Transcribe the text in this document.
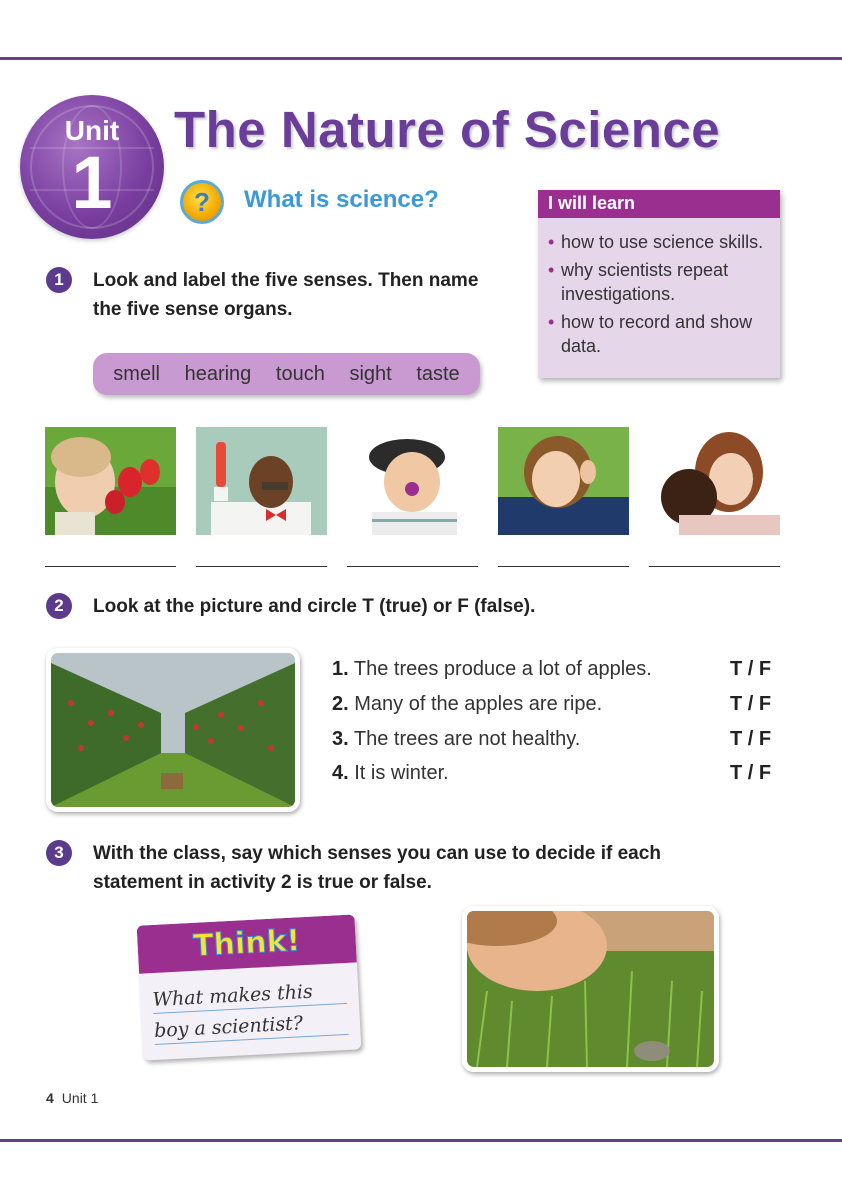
Unit
1
The Nature of Science
?	What is science?	I will learn
• how to use science skills.
• why scientists repeat investigations.
• how to record and show data.
1	Look and label the five senses. Then name
the five sense organs.
smell hearing touch sight taste
2	Look at the picture and circle T (true) or F (false).
1. The trees produce a lot of apples.	T / F
2. Many of the apples are ripe.	T / F
3. The trees are not healthy.	T / F
4. It is winter.	T / F
3	With the class, say which senses you can use to decide if each
statement in activity 2 is true or false.
Think!
What makes this
boy a scientist?
4 Unit 1
